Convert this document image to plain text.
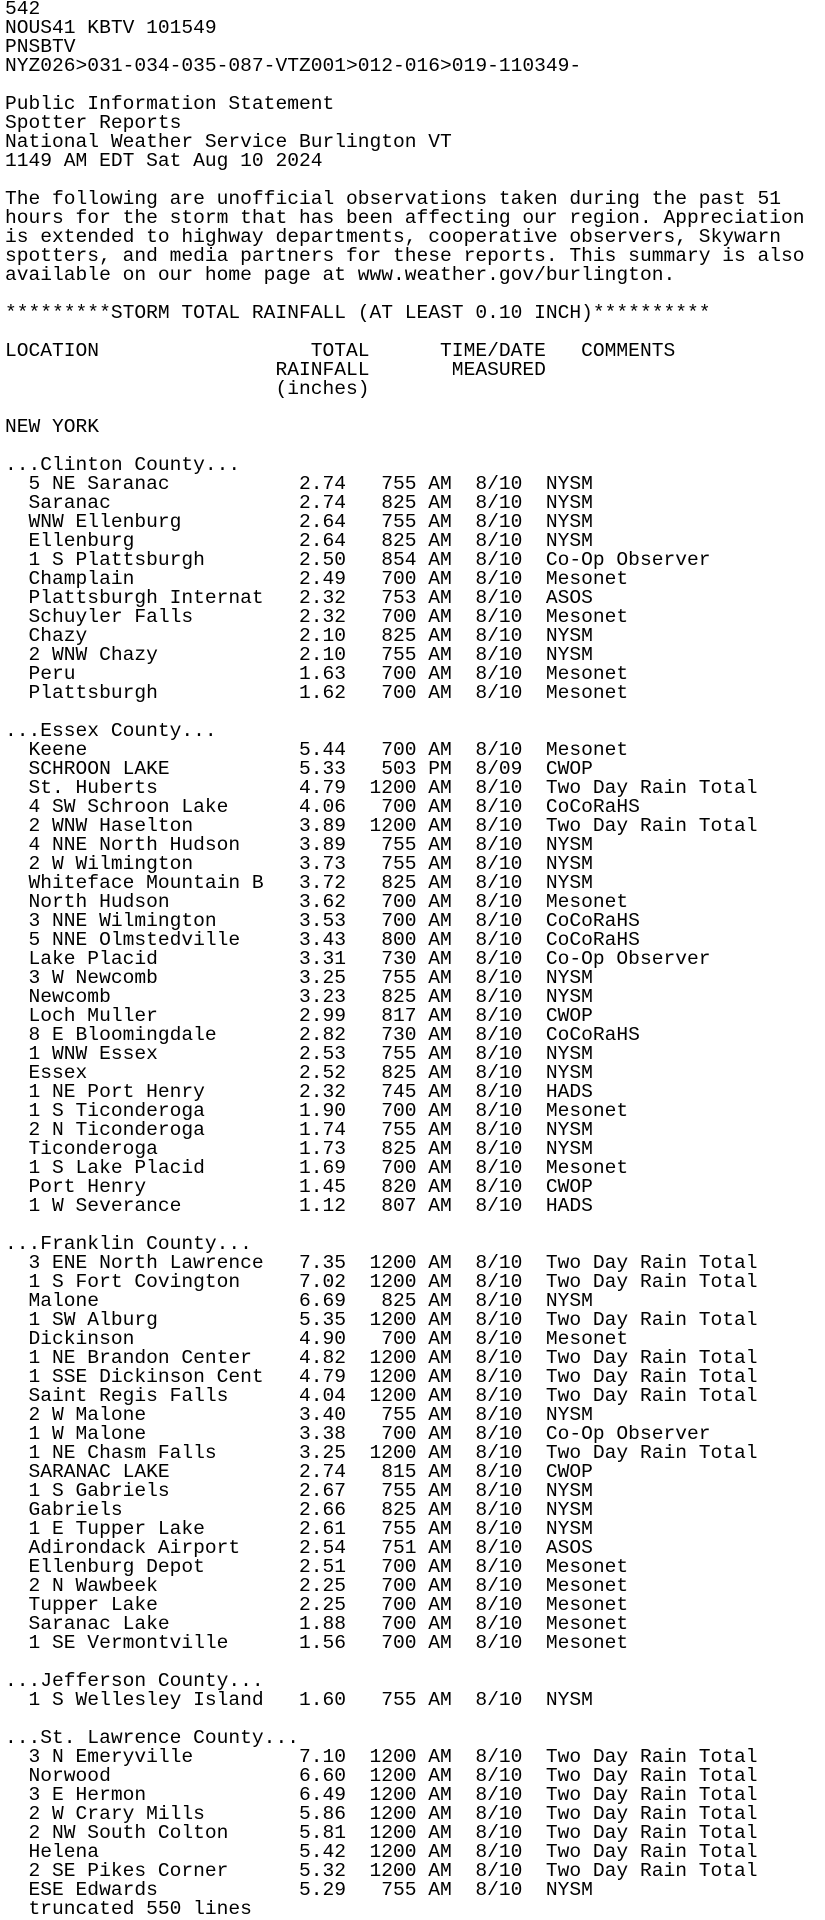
542
NOUS41 KBTV 101549
PNSBTV
NYZ026>031-034-035-087-VTZ001>012-016>019-110349-

Public Information Statement
Spotter Reports
National Weather Service Burlington VT
1149 AM EDT Sat Aug 10 2024

The following are unofficial observations taken during the past 51
hours for the storm that has been affecting our region. Appreciation
is extended to highway departments, cooperative observers, Skywarn
spotters, and media partners for these reports. This summary is also
available on our home page at www.weather.gov/burlington.

*********STORM TOTAL RAINFALL (AT LEAST 0.10 INCH)**********

LOCATION                  TOTAL      TIME/DATE   COMMENTS
RAINFALL       MEASURED
(inches)

NEW YORK

...Clinton County...
5 NE Saranac           2.74   755 AM  8/10  NYSM
Saranac                2.74   825 AM  8/10  NYSM
WNW Ellenburg          2.64   755 AM  8/10  NYSM
Ellenburg              2.64   825 AM  8/10  NYSM
1 S Plattsburgh        2.50   854 AM  8/10  Co-Op Observer
Champlain              2.49   700 AM  8/10  Mesonet
Plattsburgh Internat   2.32   753 AM  8/10  ASOS
Schuyler Falls         2.32   700 AM  8/10  Mesonet
Chazy                  2.10   825 AM  8/10  NYSM
2 WNW Chazy            2.10   755 AM  8/10  NYSM
Peru                   1.63   700 AM  8/10  Mesonet
Plattsburgh            1.62   700 AM  8/10  Mesonet

...Essex County...
Keene                  5.44   700 AM  8/10  Mesonet
SCHROON LAKE           5.33   503 PM  8/09  CWOP
St. Huberts            4.79  1200 AM  8/10  Two Day Rain Total
4 SW Schroon Lake      4.06   700 AM  8/10  CoCoRaHS
2 WNW Haselton         3.89  1200 AM  8/10  Two Day Rain Total
4 NNE North Hudson     3.89   755 AM  8/10  NYSM
2 W Wilmington         3.73   755 AM  8/10  NYSM
Whiteface Mountain B   3.72   825 AM  8/10  NYSM
North Hudson           3.62   700 AM  8/10  Mesonet
3 NNE Wilmington       3.53   700 AM  8/10  CoCoRaHS
5 NNE Olmstedville     3.43   800 AM  8/10  CoCoRaHS
Lake Placid            3.31   730 AM  8/10  Co-Op Observer
3 W Newcomb            3.25   755 AM  8/10  NYSM
Newcomb                3.23   825 AM  8/10  NYSM
Loch Muller            2.99   817 AM  8/10  CWOP
8 E Bloomingdale       2.82   730 AM  8/10  CoCoRaHS
1 WNW Essex            2.53   755 AM  8/10  NYSM
Essex                  2.52   825 AM  8/10  NYSM
1 NE Port Henry        2.32   745 AM  8/10  HADS
1 S Ticonderoga        1.90   700 AM  8/10  Mesonet
2 N Ticonderoga        1.74   755 AM  8/10  NYSM
Ticonderoga            1.73   825 AM  8/10  NYSM
1 S Lake Placid        1.69   700 AM  8/10  Mesonet
Port Henry             1.45   820 AM  8/10  CWOP
1 W Severance          1.12   807 AM  8/10  HADS

...Franklin County...
3 ENE North Lawrence   7.35  1200 AM  8/10  Two Day Rain Total
1 S Fort Covington     7.02  1200 AM  8/10  Two Day Rain Total
Malone                 6.69   825 AM  8/10  NYSM
1 SW Alburg            5.35  1200 AM  8/10  Two Day Rain Total
Dickinson              4.90   700 AM  8/10  Mesonet
1 NE Brandon Center    4.82  1200 AM  8/10  Two Day Rain Total
1 SSE Dickinson Cent   4.79  1200 AM  8/10  Two Day Rain Total
Saint Regis Falls      4.04  1200 AM  8/10  Two Day Rain Total
2 W Malone             3.40   755 AM  8/10  NYSM
1 W Malone             3.38   700 AM  8/10  Co-Op Observer
1 NE Chasm Falls       3.25  1200 AM  8/10  Two Day Rain Total
SARANAC LAKE           2.74   815 AM  8/10  CWOP
1 S Gabriels           2.67   755 AM  8/10  NYSM
Gabriels               2.66   825 AM  8/10  NYSM
1 E Tupper Lake        2.61   755 AM  8/10  NYSM
Adirondack Airport     2.54   751 AM  8/10  ASOS
Ellenburg Depot        2.51   700 AM  8/10  Mesonet
2 N Wawbeek            2.25   700 AM  8/10  Mesonet
Tupper Lake            2.25   700 AM  8/10  Mesonet
Saranac Lake           1.88   700 AM  8/10  Mesonet
1 SE Vermontville      1.56   700 AM  8/10  Mesonet

...Jefferson County...
1 S Wellesley Island   1.60   755 AM  8/10  NYSM

...St. Lawrence County...
3 N Emeryville         7.10  1200 AM  8/10  Two Day Rain Total
Norwood                6.60  1200 AM  8/10  Two Day Rain Total
3 E Hermon             6.49  1200 AM  8/10  Two Day Rain Total
2 W Crary Mills        5.86  1200 AM  8/10  Two Day Rain Total
2 NW South Colton      5.81  1200 AM  8/10  Two Day Rain Total
Helena                 5.42  1200 AM  8/10  Two Day Rain Total
2 SE Pikes Corner      5.32  1200 AM  8/10  Two Day Rain Total
ESE Edwards            5.29   755 AM  8/10  NYSM
truncated 550 lines
